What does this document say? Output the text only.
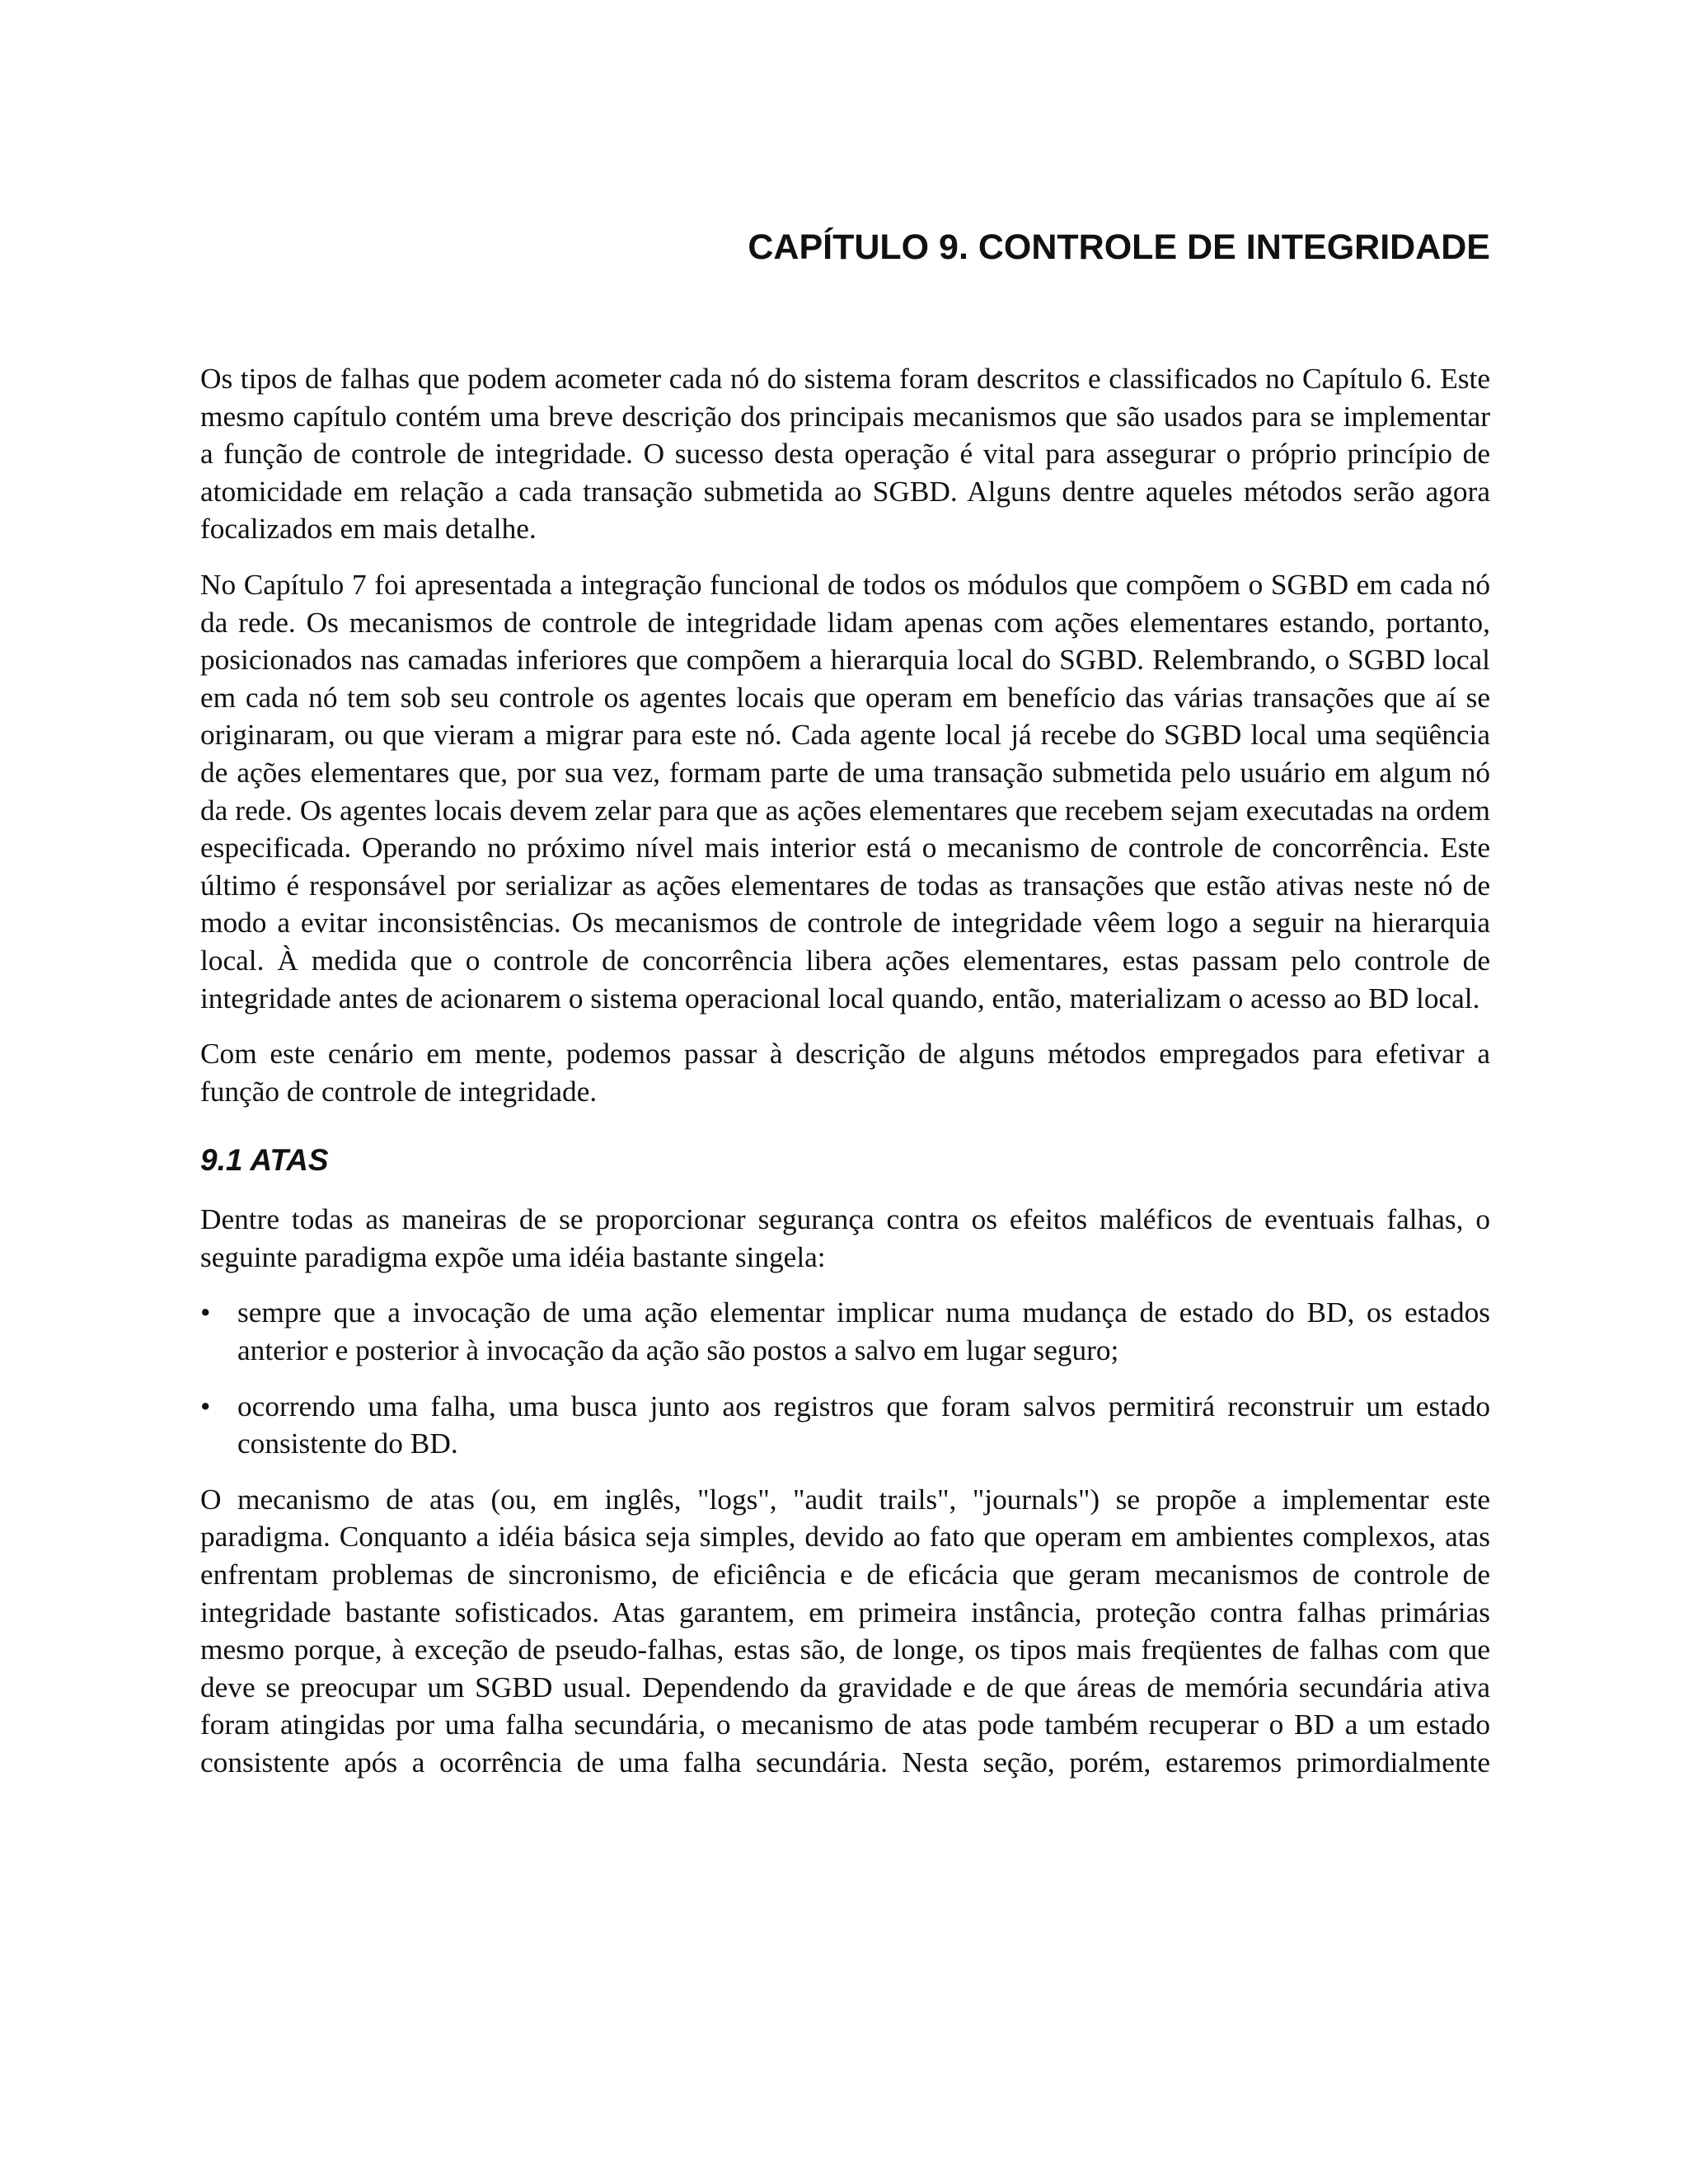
CAPÍTULO 9. CONTROLE DE INTEGRIDADE

Os tipos de falhas que podem acometer cada nó do sistema foram descritos e classificados no Capítulo 6. Este mesmo capítulo contém uma breve descrição dos principais mecanismos que são usados para se implementar a função de controle de integridade. O sucesso desta operação é vital para assegurar o próprio princípio de atomicidade em relação a cada transação submetida ao SGBD. Alguns dentre aqueles métodos serão agora focalizados em mais detalhe.

No Capítulo 7 foi apresentada a integração funcional de todos os módulos que compõem o SGBD em cada nó da rede. Os mecanismos de controle de integridade lidam apenas com ações elementares estando, portanto, posicionados nas camadas inferiores que compõem a hierarquia local do SGBD. Relembrando, o SGBD local em cada nó tem sob seu controle os agentes locais que operam em benefício das várias transações que aí se originaram, ou que vieram a migrar para este nó. Cada agente local já recebe do SGBD local uma seqüência de ações elementares que, por sua vez, formam parte de uma transação submetida pelo usuário em algum nó da rede. Os agentes locais devem zelar para que as ações elementares que recebem sejam executadas na ordem especificada. Operando no próximo nível mais interior está o mecanismo de controle de concorrência. Este último é responsável por serializar as ações elementares de todas as transações que estão ativas neste nó de modo a evitar inconsistências. Os mecanismos de controle de integridade vêem logo a seguir na hierarquia local. À medida que o controle de concorrência libera ações elementares, estas passam pelo controle de integridade antes de acionarem o sistema operacional local quando, então, materializam o acesso ao BD local.

Com este cenário em mente, podemos passar à descrição de alguns métodos empregados para efetivar a função de controle de integridade.

9.1 ATAS

Dentre todas as maneiras de se proporcionar segurança contra os efeitos maléficos de eventuais falhas, o seguinte paradigma expõe uma idéia bastante singela:

• sempre que a invocação de uma ação elementar implicar numa mudança de estado do BD, os estados anterior e posterior à invocação da ação são postos a salvo em lugar seguro;
• ocorrendo uma falha, uma busca junto aos registros que foram salvos permitirá reconstruir um estado consistente do BD.

O mecanismo de atas (ou, em inglês, "logs", "audit trails", "journals") se propõe a implementar este paradigma. Conquanto a idéia básica seja simples, devido ao fato que operam em ambientes complexos, atas enfrentam problemas de sincronismo, de eficiência e de eficácia que geram mecanismos de controle de integridade bastante sofisticados. Atas garantem, em primeira instância, proteção contra falhas primárias mesmo porque, à exceção de pseudo-falhas, estas são, de longe, os tipos mais freqüentes de falhas com que deve se preocupar um SGBD usual. Dependendo da gravidade e de que áreas de memória secundária ativa foram atingidas por uma falha secundária, o mecanismo de atas pode também recuperar o BD a um estado consistente após a ocorrência de uma falha secundária. Nesta seção, porém, estaremos primordialmente
